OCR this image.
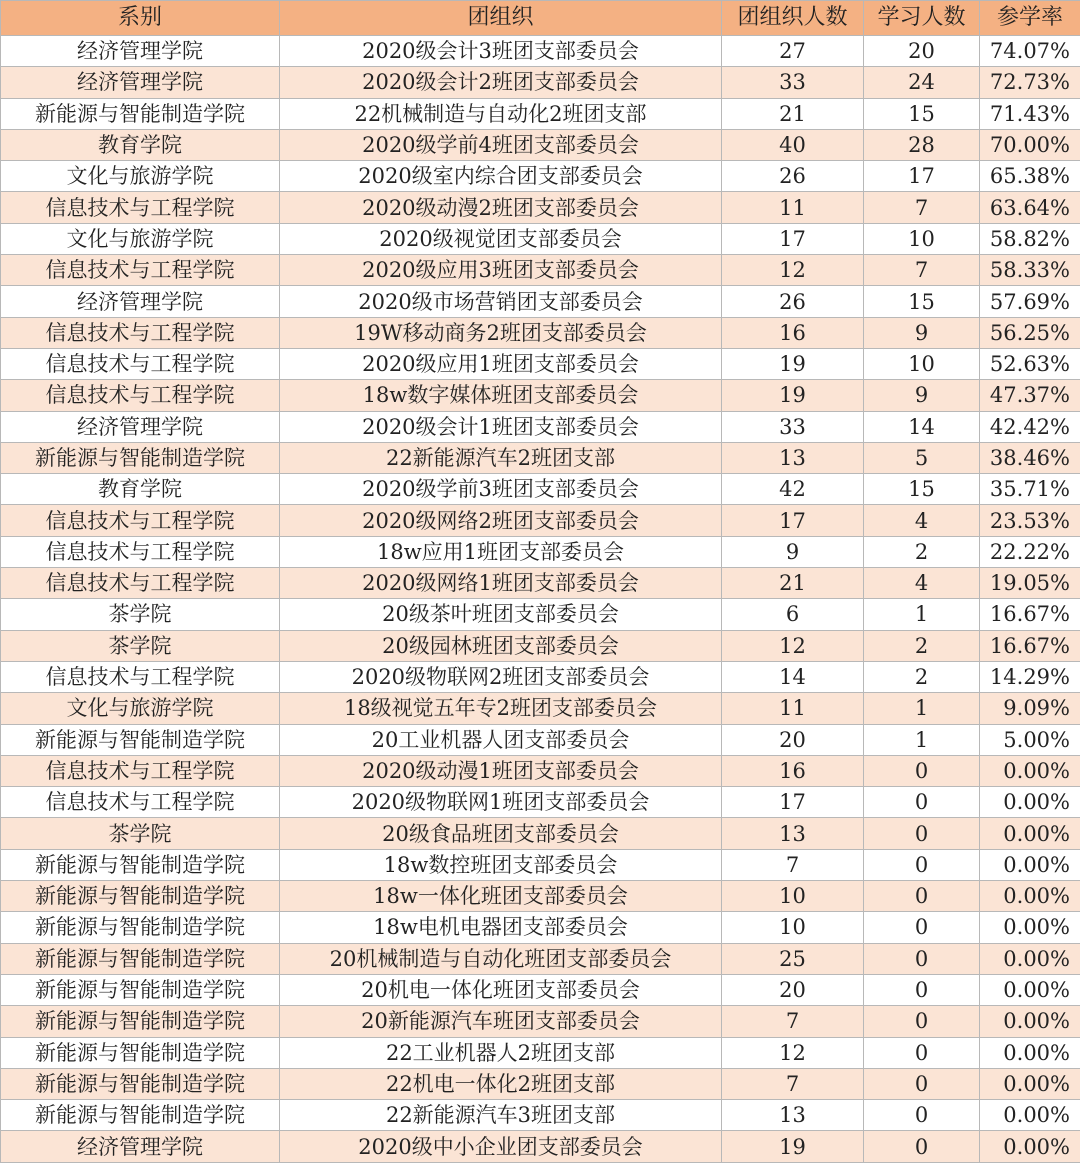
系别	团组织	团组织人数	学习人数	参学率
经济管理学院	2020级会计3班团支部委员会	27	20	74.07%
经济管理学院	2020级会计2班团支部委员会	33	24	72.73%
新能源与智能制造学院	22机械制造与自动化2班团支部	21	15	71.43%
教育学院	2020级学前4班团支部委员会	40	28	70.00%
文化与旅游学院	2020级室内综合团支部委员会	26	17	65.38%
信息技术与工程学院	2020级动漫2班团支部委员会	11	7	63.64%
文化与旅游学院	2020级视觉团支部委员会	17	10	58.82%
信息技术与工程学院	2020级应用3班团支部委员会	12	7	58.33%
经济管理学院	2020级市场营销团支部委员会	26	15	57.69%
信息技术与工程学院	19W移动商务2班团支部委员会	16	9	56.25%
信息技术与工程学院	2020级应用1班团支部委员会	19	10	52.63%
信息技术与工程学院	18w数字媒体班团支部委员会	19	9	47.37%
经济管理学院	2020级会计1班团支部委员会	33	14	42.42%
新能源与智能制造学院	22新能源汽车2班团支部	13	5	38.46%
教育学院	2020级学前3班团支部委员会	42	15	35.71%
信息技术与工程学院	2020级网络2班团支部委员会	17	4	23.53%
信息技术与工程学院	18w应用1班团支部委员会	9	2	22.22%
信息技术与工程学院	2020级网络1班团支部委员会	21	4	19.05%
茶学院	20级茶叶班团支部委员会	6	1	16.67%
茶学院	20级园林班团支部委员会	12	2	16.67%
信息技术与工程学院	2020级物联网2班团支部委员会	14	2	14.29%
文化与旅游学院	18级视觉五年专2班团支部委员会	11	1	9.09%
新能源与智能制造学院	20工业机器人团支部委员会	20	1	5.00%
信息技术与工程学院	2020级动漫1班团支部委员会	16	0	0.00%
信息技术与工程学院	2020级物联网1班团支部委员会	17	0	0.00%
茶学院	20级食品班团支部委员会	13	0	0.00%
新能源与智能制造学院	18w数控班团支部委员会	7	0	0.00%
新能源与智能制造学院	18w一体化班团支部委员会	10	0	0.00%
新能源与智能制造学院	18w电机电器团支部委员会	10	0	0.00%
新能源与智能制造学院	20机械制造与自动化班团支部委员会	25	0	0.00%
新能源与智能制造学院	20机电一体化班团支部委员会	20	0	0.00%
新能源与智能制造学院	20新能源汽车班团支部委员会	7	0	0.00%
新能源与智能制造学院	22工业机器人2班团支部	12	0	0.00%
新能源与智能制造学院	22机电一体化2班团支部	7	0	0.00%
新能源与智能制造学院	22新能源汽车3班团支部	13	0	0.00%
经济管理学院	2020级中小企业团支部委员会	19	0	0.00%
